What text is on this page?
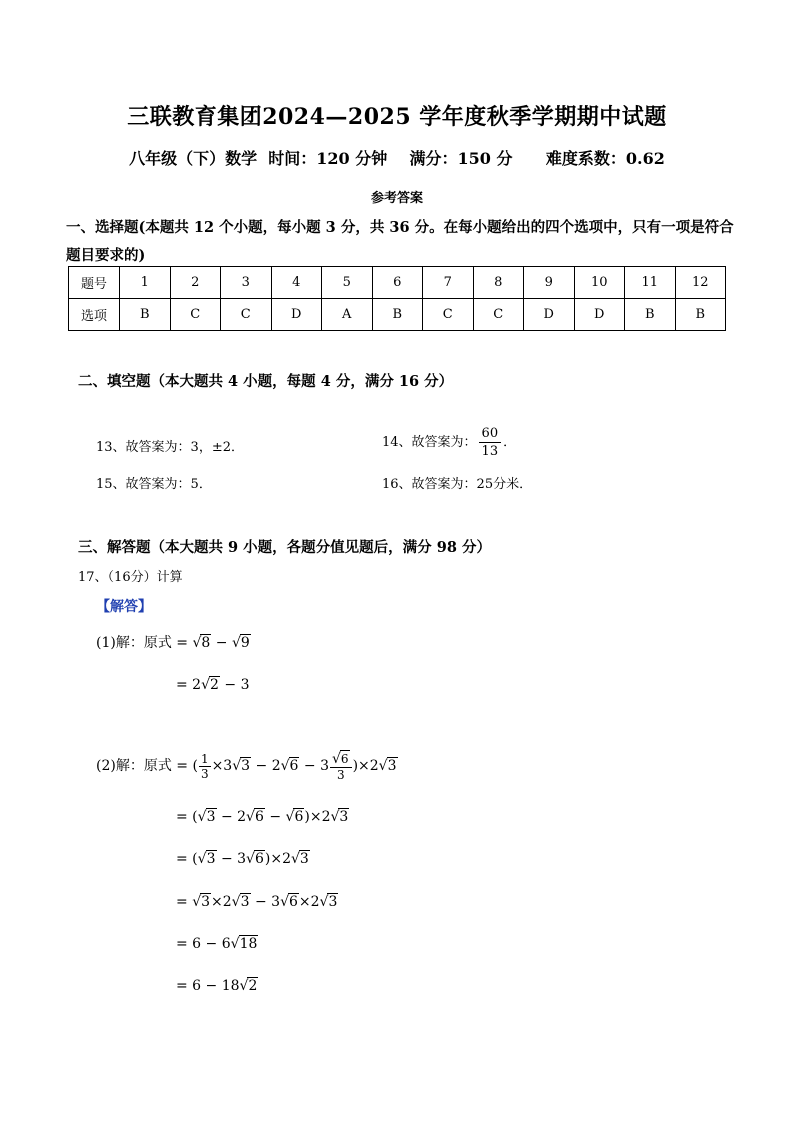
三联教育集团2024—2025 学年度秋季学期期中试题
八年级（下）数学  时间：120 分钟    满分：150 分      难度系数：0.62
参考答案
一、选择题(本题共 12 个小题，每小题 3 分，共 36 分。在每小题给出的四个选项中，只有一项是符合题目要求的)
题号	1	2	3	4	5	6	7	8	9	10	11	12
选项	B	C	C	D	A	B	C	C	D	D	B	B
二、填空题（本大题共 4 小题，每题 4 分，满分 16 分）
13、故答案为：3，±2．	14、故答案为： $\frac{60}{13}$ ．
15、故答案为：5．	16、故答案为：25分米．
三、解答题（本大题共 9 小题，各题分值见题后，满分 98 分）
17、（16分）计算
【解答】
(1)解：原式 = √8 − √9
= 2√2 − 3
(2)解：原式 = ( $\frac{1}{3} \times 3√3 - 2√6 - 3 \frac{√6}{3} )\times 2√3$
= (√3 − 2√6 − √6)×2√3
= (√3 − 3√6)×2√3
= √3×2√3 − 3√6×2√3
= 6 − 6√18
= 6 − 18√2
